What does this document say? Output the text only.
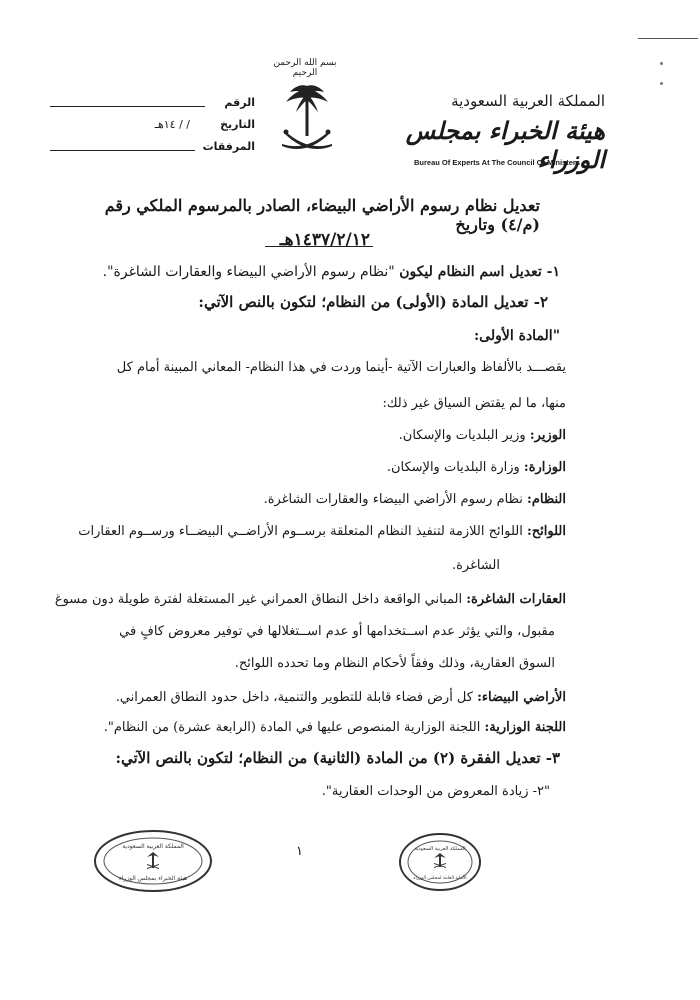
الرقم
التاريخ
/ / ١٤هـ
المرفقات
بسم الله الرحمن الرحيم
المملكة العربية السعودية
هيئة الخبراء بمجلس الوزراء
Bureau Of Experts At The Council Of Ministers
تعديل نظام رسوم الأراضي البيضاء، الصادر بالمرسوم الملكي رقم (م/٤) وتاريخ
١٤٣٧/٢/١٢هـ
١- تعديل اسم النظام ليكون "نظام رسوم الأراضي البيضاء والعقارات الشاغرة".
٢- تعديل المادة (الأولى) من النظام؛ لتكون بالنص الآتي:
"المادة الأولى:
يقصـــد بالألفاظ والعبارات الآتية -أينما وردت في هذا النظام- المعاني المبينة أمام كل
منها، ما لم يقتض السياق غير ذلك:
الوزير: وزير البلديات والإسكان.
الوزارة: وزارة البلديات والإسكان.
النظام: نظام رسوم الأراضي البيضاء والعقارات الشاغرة.
اللوائح: اللوائح اللازمة لتنفيذ النظام المتعلقة برســوم الأراضــي البيضــاء ورســوم العقارات
الشاغرة.
العقارات الشاغرة: المباني الواقعة داخل النطاق العمراني غير المستغلة لفترة طويلة دون مسوغ
مقبول، والتي يؤثر عدم اســتخدامها أو عدم اســتغلالها في توفير معروض كافٍ في
السوق العقارية، وذلك وفقاً لأحكام النظام وما تحدده اللوائح.
الأراضي البيضاء: كل أرض فضاء قابلة للتطوير والتنمية، داخل حدود النطاق العمراني.
اللجنة الوزارية: اللجنة الوزارية المنصوص عليها في المادة (الرابعة عشرة) من النظام".
٣- تعديل الفقرة (٢) من المادة (الثانية) من النظام؛ لتكون بالنص الآتي:
"٢- زيادة المعروض من الوحدات العقارية".
المملكة العربية السعودية
هيئة الخبراء بمجلس الوزراء
المملكة العربية السعودية
الأمانة العامة لمجلس الوزراء
١
